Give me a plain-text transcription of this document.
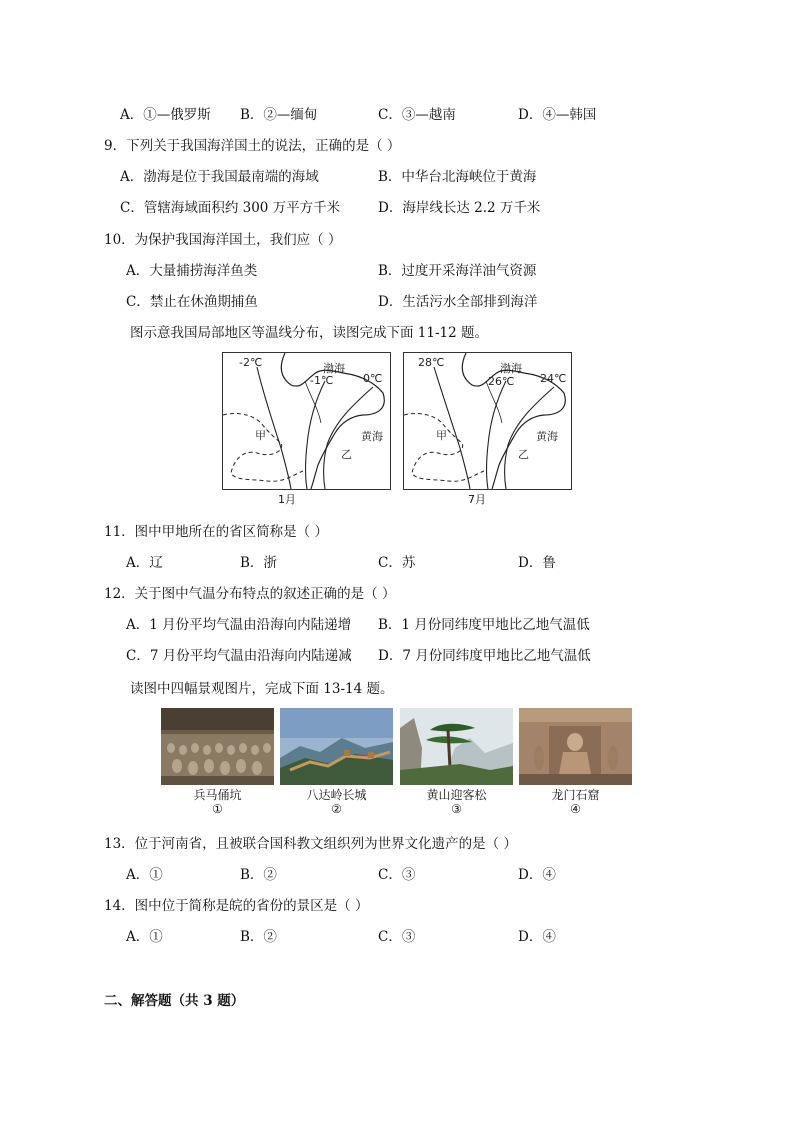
A．①—俄罗斯 B．②—缅甸	C．③—越南	D．④—韩国
9．下列关于我国海洋国土的说法，正确的是（ ）
A．渤海是位于我国最南端的海域	B．中华台北海峡位于黄海
C．管辖海域面积约 300 万平方千米	D．海岸线长达 2.2 万千米
10．为保护我国海洋国土，我们应（ ）
A．大量捕捞海洋鱼类	B．过度开采海洋油气资源
C．禁止在休渔期捕鱼	D．生活污水全部排到海洋
图示意我国局部地区等温线分布，读图完成下面 11-12 题。
-2℃
-1℃	0℃
渤海
黄海
甲
乙
1月
28℃
26℃ 24℃
渤海
黄海
甲
乙
7月
11．图中甲地所在的省区简称是（ ）
A．辽	B．浙	C．苏	D．鲁
12．关于图中气温分布特点的叙述正确的是（ ）
A．1 月份平均气温由沿海向内陆递增 B．1 月份同纬度甲地比乙地气温低
C．7 月份平均气温由沿海向内陆递减 D．7 月份同纬度甲地比乙地气温低
读图中四幅景观图片，完成下面 13-14 题。
兵马俑坑
①
八达岭长城
②
黄山迎客松
③
龙门石窟
④
13．位于河南省，且被联合国科教文组织列为世界文化遗产的是（ ）
A．①	B．②	C．③	D．④
14．图中位于简称是皖的省份的景区是（ ）
A．①	B．②	C．③	D．④
二、解答题（共 3 题）
